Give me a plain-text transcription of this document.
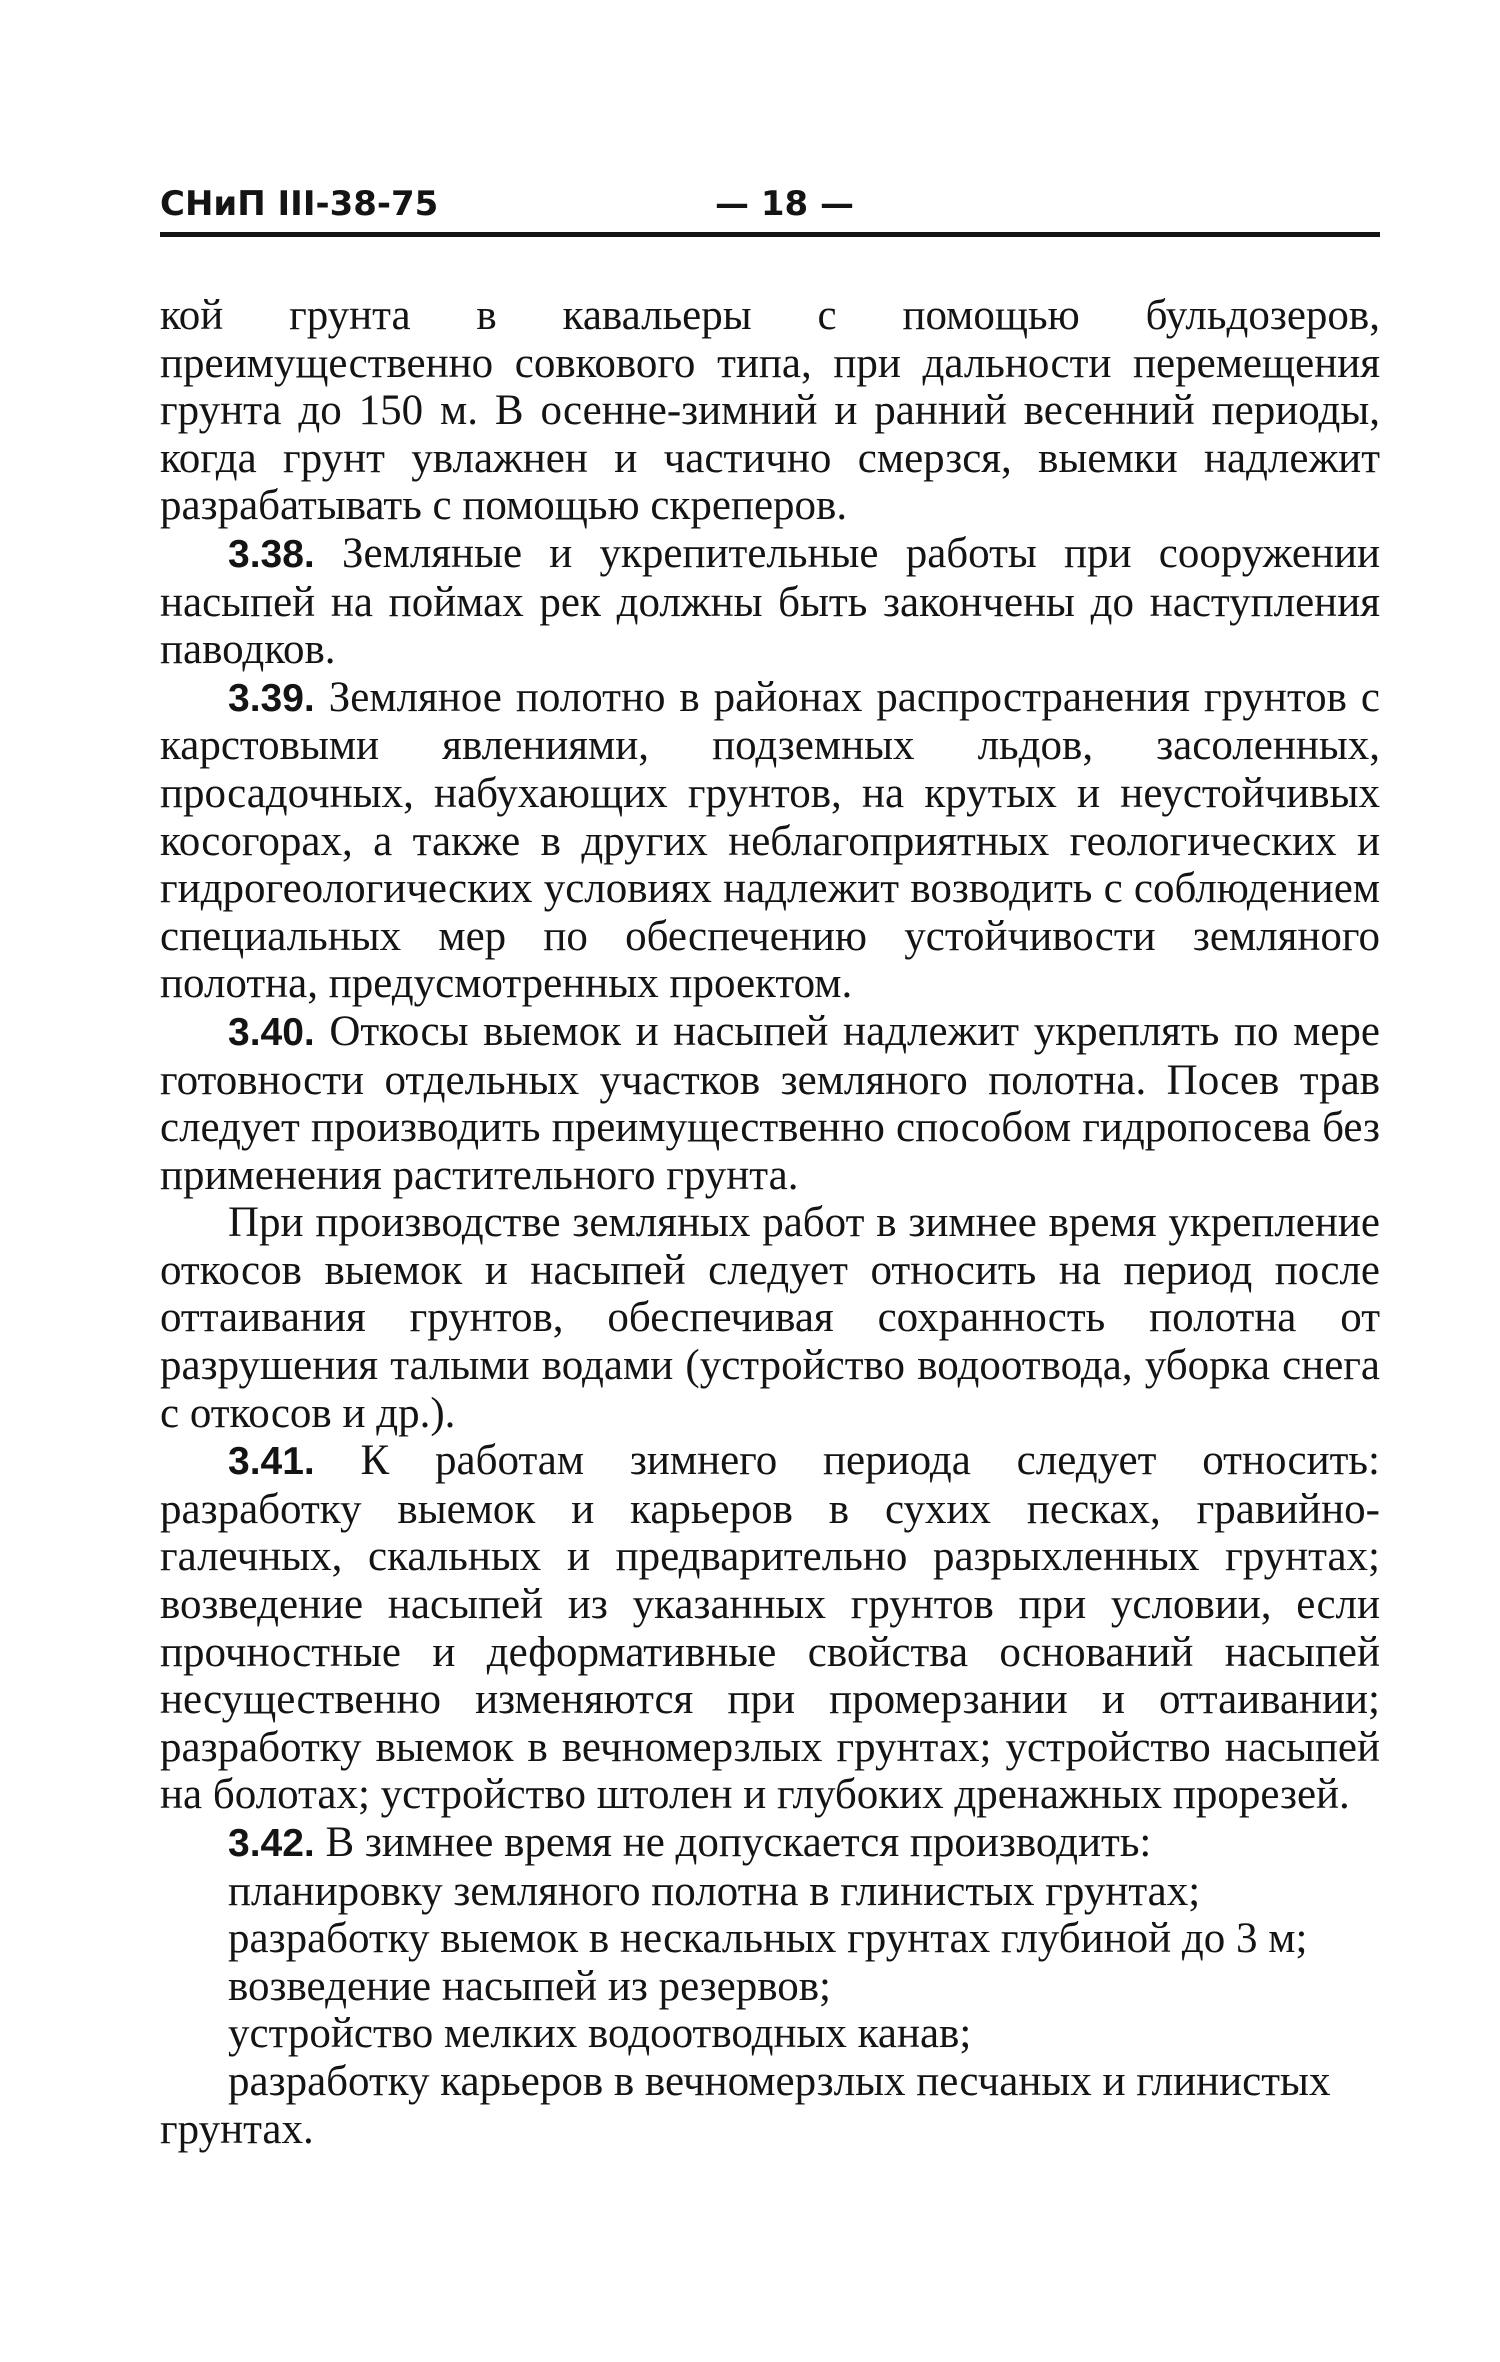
СНиП III-38-75	— 18 —

кой грунта в кавальеры с помощью бульдозеров, преимущественно совкового типа, при дальности перемещения грунта до 150 м. В осенне-зимний и ранний весенний периоды, когда грунт увлажнен и частично смерзся, выемки надлежит разрабатывать с помощью скреперов.

3.38. Земляные и укрепительные работы при сооружении насыпей на поймах рек должны быть закончены до наступления паводков.

3.39. Земляное полотно в районах распространения грунтов с карстовыми явлениями, подземных льдов, засоленных, просадочных, набухающих грунтов, на крутых и неустойчивых косогорах, а также в других неблагоприятных геологических и гидрогеологических условиях надлежит возводить с соблюдением специальных мер по обеспечению устойчивости земляного полотна, предусмотренных проектом.

3.40. Откосы выемок и насыпей надлежит укреплять по мере готовности отдельных участков земляного полотна. Посев трав следует производить преимущественно способом гидропосева без применения растительного грунта.

При производстве земляных работ в зимнее время укрепление откосов выемок и насыпей следует относить на период после оттаивания грунтов, обеспечивая сохранность полотна от разрушения талыми водами (устройство водоотвода, уборка снега с откосов и др.).

3.41. К работам зимнего периода следует относить: разработку выемок и карьеров в сухих песках, гравийно-галечных, скальных и предварительно разрыхленных грунтах; возведение насыпей из указанных грунтов при условии, если прочностные и деформативные свойства оснований насыпей несущественно изменяются при промерзании и оттаивании; разработку выемок в вечномерзлых грунтах; устройство насыпей на болотах; устройство штолен и глубоких дренажных прорезей.

3.42. В зимнее время не допускается производить:

планировку земляного полотна в глинистых грунтах;

разработку выемок в нескальных грунтах глубиной до 3 м;

возведение насыпей из резервов;

устройство мелких водоотводных канав;

разработку карьеров в вечномерзлых песчаных и глинистых грунтах.
